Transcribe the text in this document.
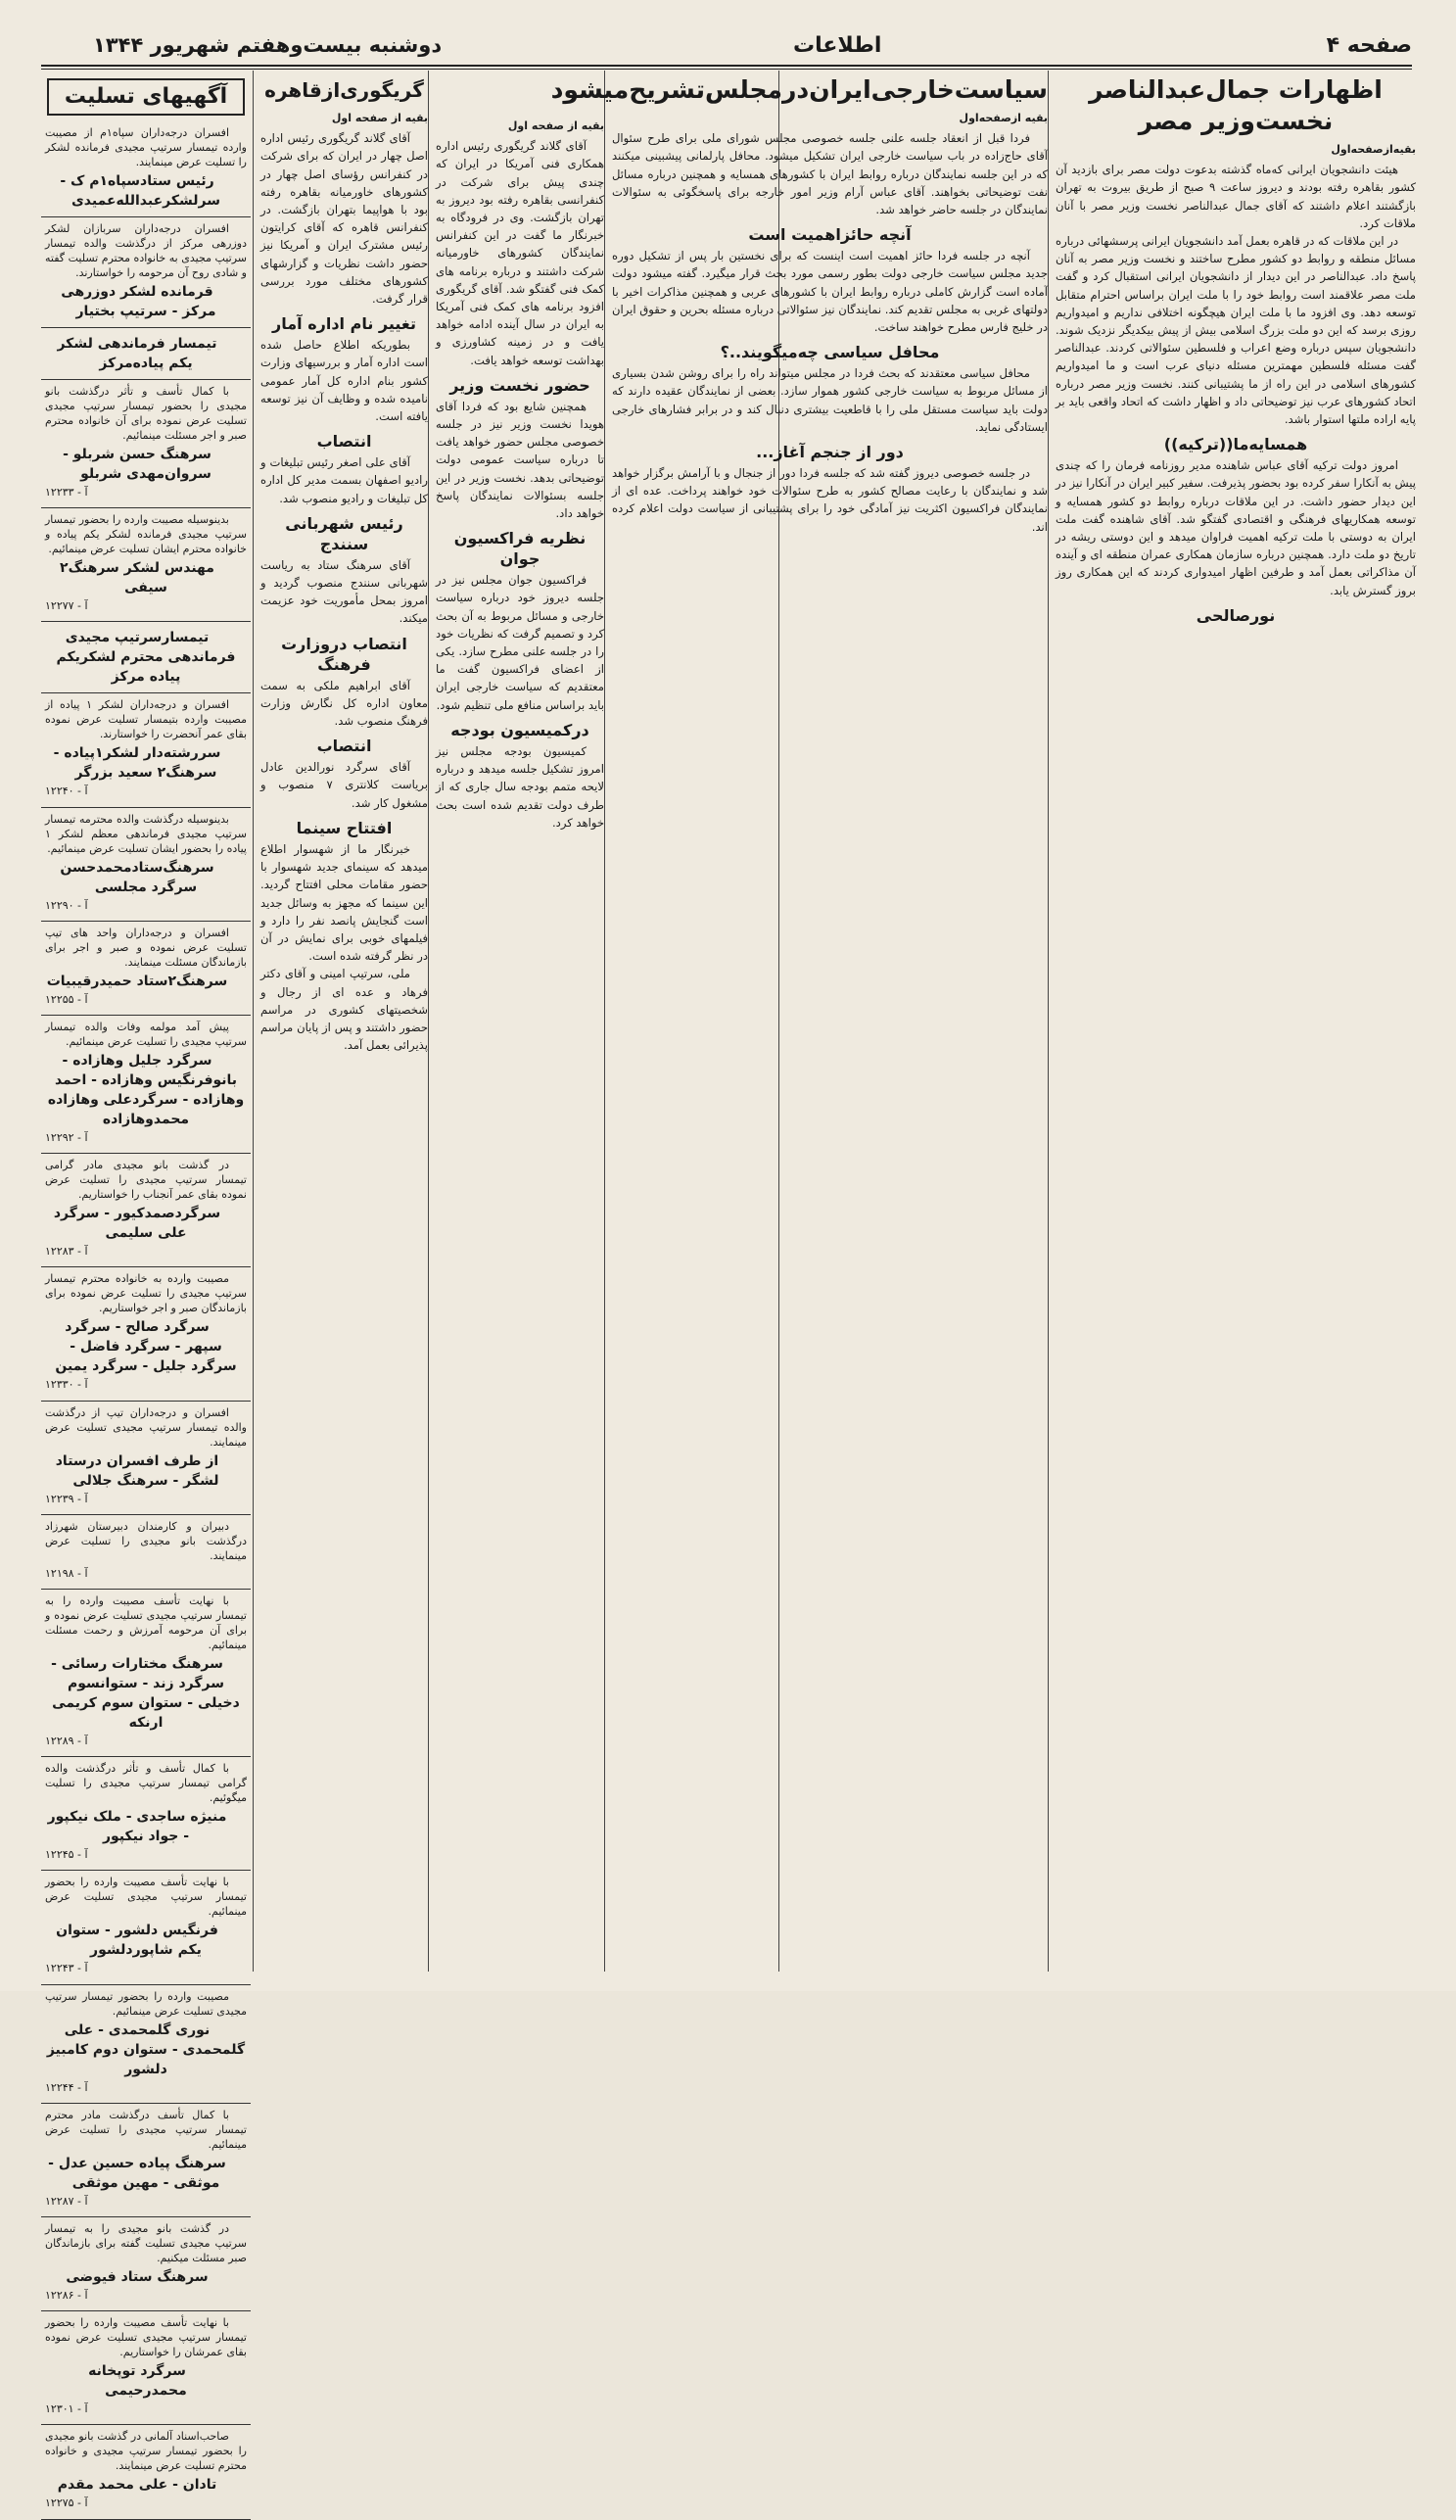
صفحه ۴
اطلاعات
دوشنبه بیست‌وهفتم شهریور ۱۳۴۴
اظهارات جمال‌عبدالناصر نخست‌وزیر مصر
بقیه‌ازصفحه‌اول

هیئت دانشجویان ایرانی که‌ماه گذشته بدعوت دولت مصر برای بازدید آن کشور بقاهره رفته بودند و دیروز ساعت ۹ صبح از طریق بیروت به تهران بازگشتند اعلام داشتند که آقای جمال عبدالناصر نخست وزیر مصر با آنان ملاقات کرد.

در این ملاقات که در قاهره بعمل آمد دانشجویان ایرانی پرسشهائی درباره مسائل منطقه و روابط دو کشور مطرح ساختند و نخست وزیر مصر به آنان پاسخ داد. عبدالناصر در این دیدار از دانشجویان ایرانی استقبال کرد و گفت ملت مصر علاقمند است روابط خود را با ملت ایران براساس احترام متقابل توسعه دهد. وی افزود ما با ملت ایران هیچگونه اختلافی نداریم و امیدواریم روزی برسد که این دو ملت بزرگ اسلامی بیش از پیش بیکدیگر نزدیک شوند. دانشجویان سپس درباره وضع اعراب و فلسطین سئوالاتی کردند. عبدالناصر گفت مسئله فلسطین مهمترین مسئله دنیای عرب است و ما امیدواریم کشورهای اسلامی در این راه از ما پشتیبانی کنند. نخست وزیر مصر درباره اتحاد کشورهای عرب نیز توضیحاتی داد و اظهار داشت که اتحاد واقعی باید بر پایه اراده ملتها استوار باشد.

همسایه‌ما((ترکیه))

امروز دولت ترکیه آقای عباس شاهنده مدیر روزنامه فرمان را که چندی پیش به آنکارا سفر کرده بود بحضور پذیرفت. سفیر کبیر ایران در آنکارا نیز در این دیدار حضور داشت. در این ملاقات درباره روابط دو کشور همسایه و توسعه همکاریهای فرهنگی و اقتصادی گفتگو شد. آقای شاهنده گفت ملت ایران به دوستی با ملت ترکیه اهمیت فراوان میدهد و این دوستی ریشه در تاریخ دو ملت دارد. همچنین درباره سازمان همکاری عمران منطقه ای و آینده آن مذاکراتی بعمل آمد و طرفین اظهار امیدواری کردند که این همکاری روز بروز گسترش یابد.

نورصالحی
سیاست‌خارجی‌ایران‌درمجلس‌تشریح‌میشود
بقیه ازصفحه‌اول

فردا قبل از انعقاد جلسه علنی جلسه خصوصی مجلس شورای ملی برای طرح سئوال آقای حاج‌زاده در باب سیاست خارجی ایران تشکیل میشود. محافل پارلمانی پیشبینی میکنند که در این جلسه نمایندگان درباره روابط ایران با کشورهای همسایه و همچنین درباره مسائل نفت توضیحاتی بخواهند. آقای عباس آرام وزیر امور خارجه برای پاسخگوئی به سئوالات نمایندگان در جلسه حاضر خواهد شد.

آنچه حائزاهمیت است

آنچه در جلسه فردا حائز اهمیت است اینست که برای نخستین بار پس از تشکیل دوره جدید مجلس سیاست خارجی دولت بطور رسمی مورد بحث قرار میگیرد. گفته میشود دولت آماده است گزارش کاملی درباره روابط ایران با کشورهای عربی و همچنین مذاکرات اخیر با دولتهای غربی به مجلس تقدیم کند. نمایندگان نیز سئوالاتی درباره مسئله بحرین و حقوق ایران در خلیج فارس مطرح خواهند ساخت.

محافل سیاسی چه‌میگویند..؟

محافل سیاسی معتقدند که بحث فردا در مجلس میتواند راه را برای روشن شدن بسیاری از مسائل مربوط به سیاست خارجی کشور هموار سازد. بعضی از نمایندگان عقیده دارند که دولت باید سیاست مستقل ملی را با قاطعیت بیشتری دنبال کند و در برابر فشارهای خارجی ایستادگی نماید.

دور از جنجم آغاز...

در جلسه خصوصی دیروز گفته شد که جلسه فردا دور از جنجال و با آرامش برگزار خواهد شد و نمایندگان با رعایت مصالح کشور به طرح سئوالات خود خواهند پرداخت. عده ای از نمایندگان فراکسیون اکثریت نیز آمادگی خود را برای پشتیبانی از سیاست دولت اعلام کرده اند.

بقیه از صفحه اول

آقای گلاند گریگوری رئیس اداره همکاری فنی آمریکا در ایران که چندی پیش برای شرکت در کنفرانسی بقاهره رفته بود دیروز به تهران بازگشت. وی در فرودگاه به خبرنگار ما گفت در این کنفرانس نمایندگان کشورهای خاورمیانه شرکت داشتند و درباره برنامه های کمک فنی گفتگو شد. آقای گریگوری افزود برنامه های کمک فنی آمریکا به ایران در سال آینده ادامه خواهد یافت و در زمینه کشاورزی و بهداشت توسعه خواهد یافت.

حضور نخست وزیر

همچنین شایع بود که فردا آقای هویدا نخست وزیر نیز در جلسه خصوصی مجلس حضور خواهد یافت تا درباره سیاست عمومی دولت توضیحاتی بدهد. نخست وزیر در این جلسه بسئوالات نمایندگان پاسخ خواهد داد.

نظریه فراکسیون جوان

فراکسیون جوان مجلس نیز در جلسه دیروز خود درباره سیاست خارجی و مسائل مربوط به آن بحث کرد و تصمیم گرفت که نظریات خود را در جلسه علنی مطرح سازد. یکی از اعضای فراکسیون گفت ما معتقدیم که سیاست خارجی ایران باید براساس منافع ملی تنظیم شود.

درکمیسیون بودجه

کمیسیون بودجه مجلس نیز امروز تشکیل جلسه میدهد و درباره لایحه متمم بودجه سال جاری که از طرف دولت تقدیم شده است بحث خواهد کرد.

گریگوری‌ازقاهره
بقیه از صفحه اول

آقای گلاند گریگوری رئیس اداره اصل چهار در ایران که برای شرکت در کنفرانس رؤسای اصل چهار در کشورهای خاورمیانه بقاهره رفته بود با هواپیما بتهران بازگشت. در کنفرانس قاهره که آقای کرایتون رئیس مشترک ایران و آمریکا نیز حضور داشت نظریات و گزارشهای کشورهای مختلف مورد بررسی قرار گرفت.

تغییر نام اداره آمار

بطوریکه اطلاع حاصل شده است اداره آمار و بررسیهای وزارت کشور بنام اداره کل آمار عمومی نامیده شده و وظایف آن نیز توسعه یافته است.

انتصاب

آقای علی اصغر رئیس تبلیغات و رادیو اصفهان بسمت مدیر کل اداره کل تبلیغات و رادیو منصوب شد.

رئیس شهربانی سنندج

آقای سرهنگ ستاد به ریاست شهربانی سنندج منصوب گردید و امروز بمحل مأموریت خود عزیمت میکند.

انتصاب دروزارت فرهنگ

آقای ابراهیم ملکی به سمت معاون اداره کل نگارش وزارت فرهنگ منصوب شد.

انتصاب

آقای سرگرد نورالدین عادل بریاست کلانتری ۷ منصوب و مشغول کار شد.

افتتاح سینما

خبرنگار ما از شهسوار اطلاع میدهد که سینمای جدید شهسوار با حضور مقامات محلی افتتاح گردید. این سینما که مجهز به وسائل جدید است گنجایش پانصد نفر را دارد و فیلمهای خوبی برای نمایش در آن در نظر گرفته شده است.

ملی، سرتیپ امینی و آقای دکتر فرهاد و عده ای از رجال و شخصیتهای کشوری در مراسم حضور داشتند و پس از پایان مراسم پذیرائی بعمل آمد.

آگهیهای تسلیت

افسران درجه‌داران سپاه۱م از مصیبت وارده تیمسار سرتیپ مجیدی فرمانده لشکر را تسلیت عرض مینمایند.

رئیس ستادسپاه۱م ک - سرلشکرعبدالله‌عمیدی

افسران درجه‌داران سربازان لشکر دوزرهی مرکز از درگذشت والده تیمسار سرتیپ مجیدی به خانواده محترم تسلیت گفته و شادی روح آن مرحومه را خواستارند.

قرمانده لشکر دوزرهی مرکز - سرتیپ بختیار

تیمسار فرماندهی لشکر یکم پیاده‌مرکز

با کمال تأسف و تأثر درگذشت بانو مجیدی را بحضور تیمسار سرتیپ مجیدی تسلیت عرض نموده برای آن خانواده محترم صبر و اجر مسئلت مینمائیم.

سرهنگ حسن شربلو - سروان‌مهدی شربلو

آ - ۱۲۲۳۳

بدینوسیله مصیبت وارده را بحضور تیمسار سرتیپ مجیدی فرمانده لشکر یکم پیاده و خانواده محترم ایشان تسلیت عرض مینمائیم.

مهندس لشکر سرهنگ۲ سیفی

آ - ۱۲۲۷۷

تیمسارسرتیپ مجیدی فرماندهی محترم لشکریکم پیاده مرکز

افسران و درجه‌داران لشکر ۱ پیاده از مصیبت وارده بتیمسار تسلیت عرض نموده بقای عمر آنحضرت را خواستارند.

سررشته‌دار لشکر۱پیاده - سرهنگ۲ سعید بزرگر

آ - ۱۲۲۴۰

بدینوسیله درگذشت والده محترمه تیمسار سرتیپ مجیدی فرماندهی معظم لشکر ۱ پیاده را بحضور ایشان تسلیت عرض مینمائیم.

سرهنگ‌ستادمحمدحسن سرگرد مجلسی

آ - ۱۲۲۹۰

افسران و درجه‌داران واحد های تیپ تسلیت عرض نموده و صبر و اجر برای بازماندگان مسئلت مینمایند.

سرهنگ‌۲ستاد حمیدرقیبیات

آ - ۱۲۲۵۵

پیش آمد مولمه وفات والده تیمسار سرتیپ مجیدی را تسلیت عرض مینمائیم.

سرگرد جلیل وهازاده - بانوفرنگیس وهازاده - احمد وهازاده - سرگردعلی وهازاده محمدوهازاده

آ - ۱۲۲۹۲

در گذشت بانو مجیدی مادر گرامی تیمسار سرتیپ مجیدی را تسلیت عرض نموده بقای عمر آنجناب را خواستاریم.

سرگردصمدکیور - سرگرد علی سلیمی

آ - ۱۲۲۸۳

مصیبت وارده به خانواده محترم تیمسار سرتیپ مجیدی را تسلیت عرض نموده برای بازماندگان صبر و اجر خواستاریم.

سرگرد صالح - سرگرد سپهر - سرگرد فاضل - سرگرد جلیل - سرگرد یمین

آ - ۱۲۳۳۰

افسران و درجه‌داران تیپ از درگذشت والده تیمسار سرتیپ مجیدی تسلیت عرض مینمایند.

از طرف افسران درستاد لشگر - سرهنگ جلالی

آ - ۱۲۲۳۹

دبیران و کارمندان دبیرستان شهرزاد درگذشت بانو مجیدی را تسلیت عرض مینمایند.

آ - ۱۲۱۹۸

با نهایت تأسف مصیبت وارده را به تیمسار سرتیپ مجیدی تسلیت عرض نموده و برای آن مرحومه آمرزش و رحمت مسئلت مینمائیم.

سرهنگ مختارات رسائی - سرگرد زند - ستوانسوم دخیلی - ستوان سوم کریمی ارنکه

آ - ۱۲۲۸۹

با کمال تأسف و تأثر درگذشت والده گرامی تیمسار سرتیپ مجیدی را تسلیت میگوئیم.

منیژه ساجدی - ملک نیکپور - جواد نیکپور

آ - ۱۲۲۴۵

با نهایت تأسف مصیبت وارده را بحضور تیمسار سرتیپ مجیدی تسلیت عرض مینمائیم.

فرنگیس دلشور - ستوان یکم شاپوردلشور

آ - ۱۲۲۴۳

مصیبت وارده را بحضور تیمسار سرتیپ مجیدی تسلیت عرض مینمائیم.

نوری گلمحمدی - علی گلمحمدی - ستوان دوم کامبیز دلشور

آ - ۱۲۲۴۴

با کمال تأسف درگذشت مادر محترم تیمسار سرتیپ مجیدی را تسلیت عرض مینمائیم.

سرهنگ پیاده حسین عدل - موثقی - مهین موثقی

آ - ۱۲۲۸۷

در گذشت بانو مجیدی را به تیمسار سرتیپ مجیدی تسلیت گفته برای بازماندگان صبر مسئلت میکنیم.

سرهنگ ستاد فیوضی

آ - ۱۲۲۸۶

با نهایت تأسف مصیبت وارده را بحضور تیمسار سرتیپ مجیدی تسلیت عرض نموده بقای عمرشان را خواستاریم.

سرگرد توپخانه محمدرحیمی

آ - ۱۲۳۰۱

صاحب‌اسناد آلمانی در گذشت بانو مجیدی را بحضور تیمسار سرتیپ مجیدی و خانواده محترم تسلیت عرض مینمایند.

تادان - علی محمد مقدم

آ - ۱۲۲۷۵
